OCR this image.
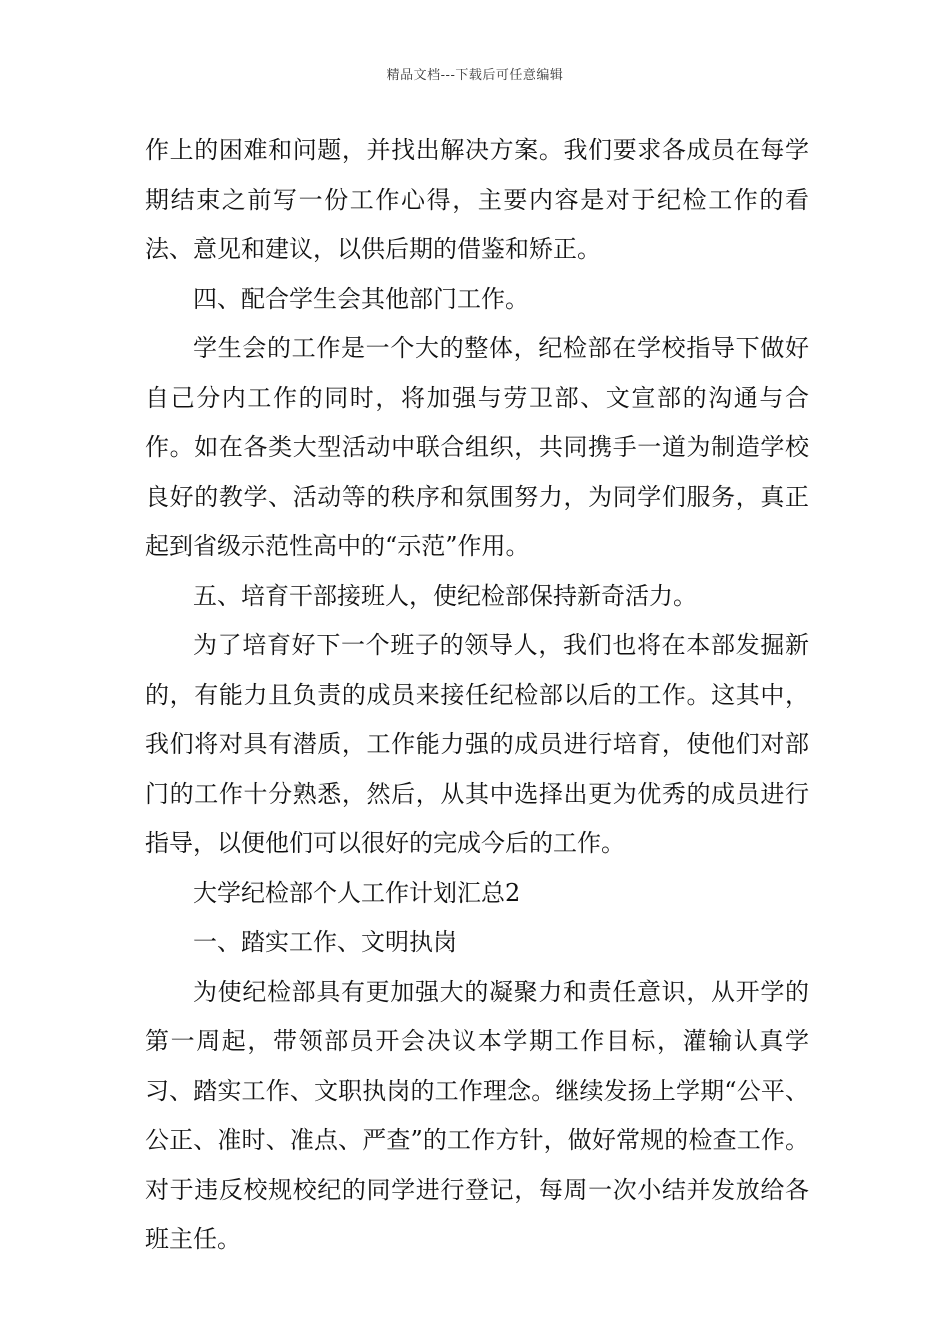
精品文档---下载后可任意编辑

作上的困难和问题，并找出解决方案。我们要求各成员在每学期结束之前写一份工作心得，主要内容是对于纪检工作的看法、意见和建议，以供后期的借鉴和矫正。

四、配合学生会其他部门工作。

学生会的工作是一个大的整体，纪检部在学校指导下做好自己分内工作的同时，将加强与劳卫部、文宣部的沟通与合作。如在各类大型活动中联合组织，共同携手一道为制造学校良好的教学、活动等的秩序和氛围努力，为同学们服务，真正起到省级示范性高中的“示范”作用。

五、培育干部接班人，使纪检部保持新奇活力。

为了培育好下一个班子的领导人，我们也将在本部发掘新的，有能力且负责的成员来接任纪检部以后的工作。这其中，我们将对具有潜质，工作能力强的成员进行培育，使他们对部门的工作十分熟悉，然后，从其中选择出更为优秀的成员进行指导，以便他们可以很好的完成今后的工作。

大学纪检部个人工作计划汇总2

一、踏实工作、文明执岗

为使纪检部具有更加强大的凝聚力和责任意识，从开学的第一周起，带领部员开会决议本学期工作目标，灌输认真学习、踏实工作、文职执岗的工作理念。继续发扬上学期“公平、公正、准时、准点、严查”的工作方针，做好常规的检查工作。对于违反校规校纪的同学进行登记，每周一次小结并发放给各班主任。
